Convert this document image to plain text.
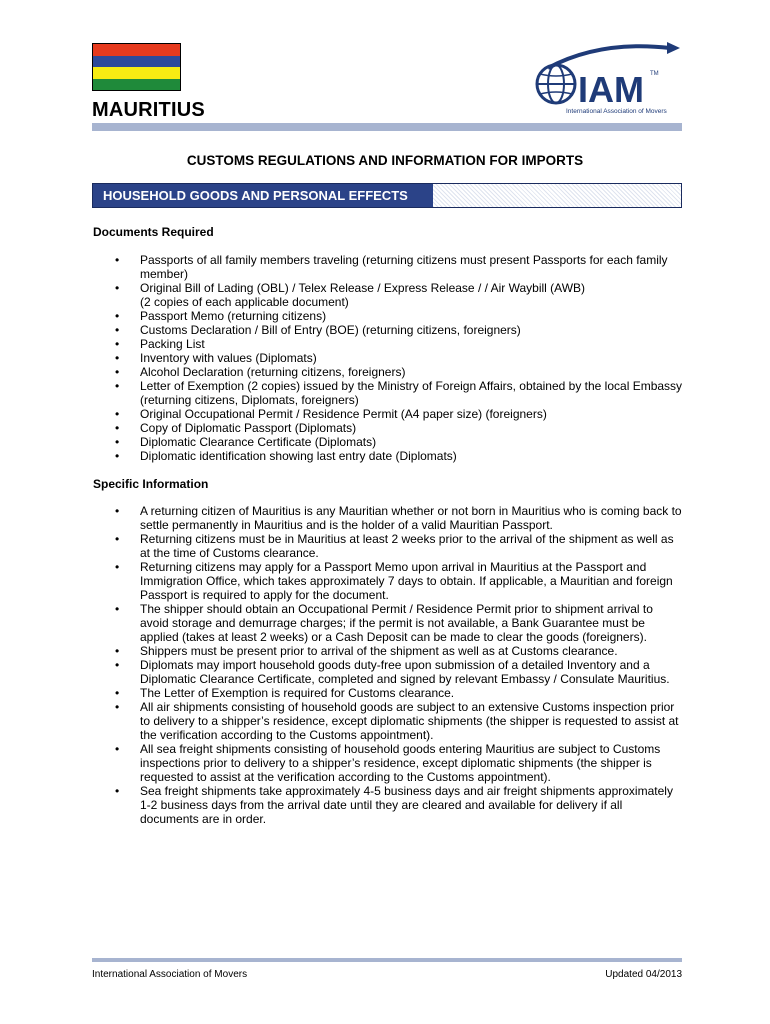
MAURITIUS	IAM TM
International Association of Movers
CUSTOMS REGULATIONS AND INFORMATION FOR IMPORTS
HOUSEHOLD GOODS AND PERSONAL EFFECTS
Documents Required
• Passports of all family members traveling (returning citizens must present Passports for each family member)
• Original Bill of Lading (OBL) / Telex Release / Express Release / / Air Waybill (AWB)
(2 copies of each applicable document)
• Passport Memo (returning citizens)
• Customs Declaration / Bill of Entry (BOE) (returning citizens, foreigners)
• Packing List
• Inventory with values (Diplomats)
• Alcohol Declaration (returning citizens, foreigners)
• Letter of Exemption (2 copies) issued by the Ministry of Foreign Affairs, obtained by the local Embassy (returning citizens, Diplomats, foreigners)
• Original Occupational Permit / Residence Permit (A4 paper size) (foreigners)
• Copy of Diplomatic Passport (Diplomats)
• Diplomatic Clearance Certificate (Diplomats)
• Diplomatic identification showing last entry date (Diplomats)
Specific Information
• A returning citizen of Mauritius is any Mauritian whether or not born in Mauritius who is coming back to settle permanently in Mauritius and is the holder of a valid Mauritian Passport.
• Returning citizens must be in Mauritius at least 2 weeks prior to the arrival of the shipment as well as at the time of Customs clearance.
• Returning citizens may apply for a Passport Memo upon arrival in Mauritius at the Passport and Immigration Office, which takes approximately 7 days to obtain. If applicable, a Mauritian and foreign Passport is required to apply for the document.
• The shipper should obtain an Occupational Permit / Residence Permit prior to shipment arrival to avoid storage and demurrage charges; if the permit is not available, a Bank Guarantee must be applied (takes at least 2 weeks) or a Cash Deposit can be made to clear the goods (foreigners).
• Shippers must be present prior to arrival of the shipment as well as at Customs clearance.
• Diplomats may import household goods duty-free upon submission of a detailed Inventory and a Diplomatic Clearance Certificate, completed and signed by relevant Embassy / Consulate Mauritius.
• The Letter of Exemption is required for Customs clearance.
• All air shipments consisting of household goods are subject to an extensive Customs inspection prior to delivery to a shipper’s residence, except diplomatic shipments (the shipper is requested to assist at the verification according to the Customs appointment).
• All sea freight shipments consisting of household goods entering Mauritius are subject to Customs inspections prior to delivery to a shipper’s residence, except diplomatic shipments (the shipper is requested to assist at the verification according to the Customs appointment).
• Sea freight shipments take approximately 4-5 business days and air freight shipments approximately 1-2 business days from the arrival date until they are cleared and available for delivery if all documents are in order.
International Association of Movers	Updated 04/2013
